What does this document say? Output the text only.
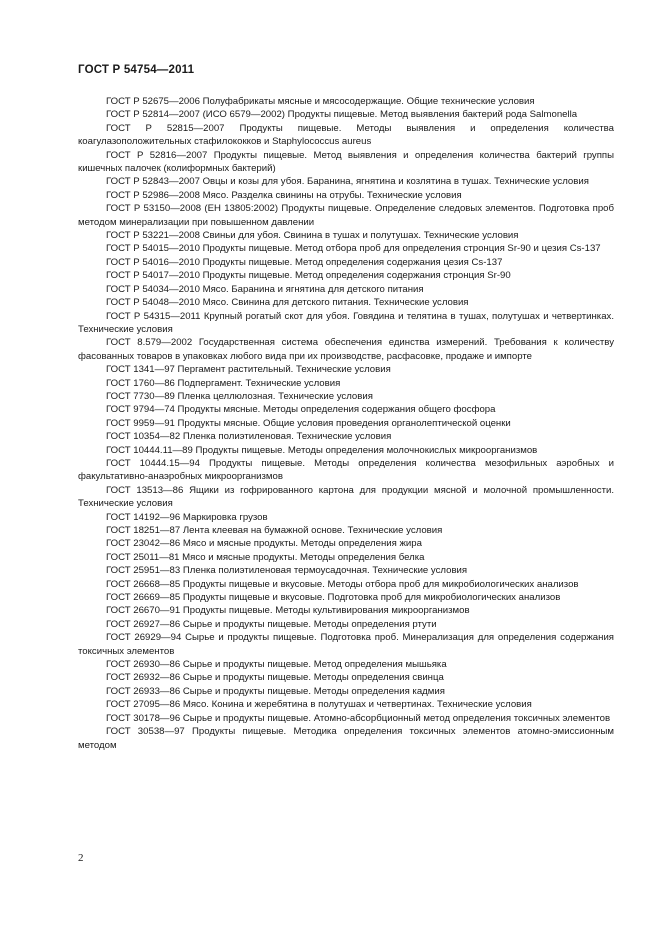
ГОСТ Р 54754—2011
ГОСТ Р 52675—2006 Полуфабрикаты мясные и мясосодержащие. Общие технические условия
ГОСТ Р 52814—2007 (ИСО 6579—2002) Продукты пищевые. Метод выявления бактерий рода Salmonella
ГОСТ Р 52815—2007 Продукты пищевые. Методы выявления и определения количества коагулазоположительных стафилококков и Staphylococcus aureus
ГОСТ Р 52816—2007 Продукты пищевые. Метод выявления и определения количества бактерий группы кишечных палочек (колиформных бактерий)
ГОСТ Р 52843—2007 Овцы и козы для убоя. Баранина, ягнятина и козлятина в тушах. Технические условия
ГОСТ Р 52986—2008 Мясо. Разделка свинины на отрубы. Технические условия
ГОСТ Р 53150—2008 (ЕН 13805:2002) Продукты пищевые. Определение следовых элементов. Подготовка проб методом минерализации при повышенном давлении
ГОСТ Р 53221—2008 Свиньи для убоя. Свинина в тушах и полутушах. Технические условия
ГОСТ Р 54015—2010 Продукты пищевые. Метод отбора проб для определения стронция Sr-90 и цезия Cs-137
ГОСТ Р 54016—2010 Продукты пищевые. Метод определения содержания цезия Cs-137
ГОСТ Р 54017—2010 Продукты пищевые. Метод определения содержания стронция Sr-90
ГОСТ Р 54034—2010 Мясо. Баранина и ягнятина для детского питания
ГОСТ Р 54048—2010 Мясо. Свинина для детского питания. Технические условия
ГОСТ Р 54315—2011 Крупный рогатый скот для убоя. Говядина и телятина в тушах, полутушах и четвертинках. Технические условия
ГОСТ 8.579—2002 Государственная система обеспечения единства измерений. Требования к количеству фасованных товаров в упаковках любого вида при их производстве, расфасовке, продаже и импорте
ГОСТ 1341—97 Пергамент растительный. Технические условия
ГОСТ 1760—86 Подпергамент. Технические условия
ГОСТ 7730—89 Пленка целлюлозная. Технические условия
ГОСТ 9794—74 Продукты мясные. Методы определения содержания общего фосфора
ГОСТ 9959—91 Продукты мясные. Общие условия проведения органолептической оценки
ГОСТ 10354—82 Пленка полиэтиленовая. Технические условия
ГОСТ 10444.11—89 Продукты пищевые. Методы определения молочнокислых микроорганизмов
ГОСТ 10444.15—94 Продукты пищевые. Методы определения количества мезофильных аэробных и факультативно-анаэробных микроорганизмов
ГОСТ 13513—86 Ящики из гофрированного картона для продукции мясной и молочной промышленности. Технические условия
ГОСТ 14192—96 Маркировка грузов
ГОСТ 18251—87 Лента клеевая на бумажной основе. Технические условия
ГОСТ 23042—86 Мясо и мясные продукты. Методы определения жира
ГОСТ 25011—81 Мясо и мясные продукты. Методы определения белка
ГОСТ 25951—83 Пленка полиэтиленовая термоусадочная. Технические условия
ГОСТ 26668—85 Продукты пищевые и вкусовые. Методы отбора проб для микробиологических анализов
ГОСТ 26669—85 Продукты пищевые и вкусовые. Подготовка проб для микробиологических анализов
ГОСТ 26670—91 Продукты пищевые. Методы культивирования микроорганизмов
ГОСТ 26927—86 Сырье и продукты пищевые. Методы определения ртути
ГОСТ 26929—94 Сырье и продукты пищевые. Подготовка проб. Минерализация для определения содержания токсичных элементов
ГОСТ 26930—86 Сырье и продукты пищевые. Метод определения мышьяка
ГОСТ 26932—86 Сырье и продукты пищевые. Методы определения свинца
ГОСТ 26933—86 Сырье и продукты пищевые. Методы определения кадмия
ГОСТ 27095—86 Мясо. Конина и жеребятина в полутушах и четвертинах. Технические условия
ГОСТ 30178—96 Сырье и продукты пищевые. Атомно-абсорбционный метод определения токсичных элементов
ГОСТ 30538—97 Продукты пищевые. Методика определения токсичных элементов атомно-эмиссионным методом
2
